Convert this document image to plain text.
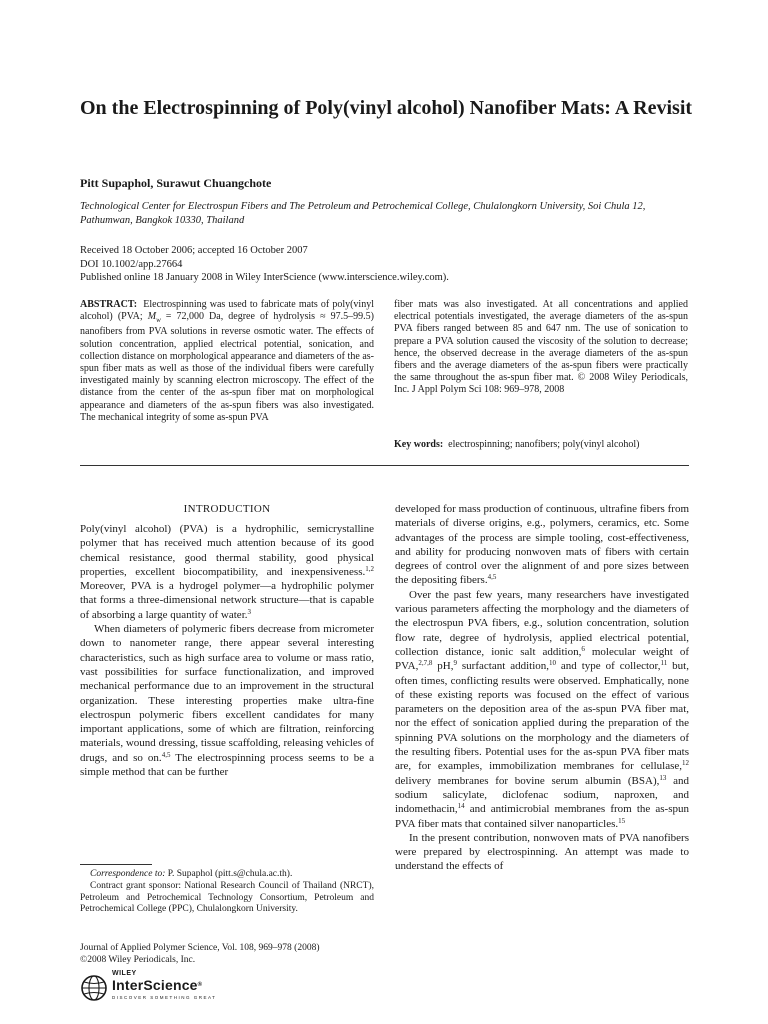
On the Electrospinning of Poly(vinyl alcohol) Nanofiber Mats: A Revisit
Pitt Supaphol, Surawut Chuangchote
Technological Center for Electrospun Fibers and The Petroleum and Petrochemical College, Chulalongkorn University, Soi Chula 12, Pathumwan, Bangkok 10330, Thailand
Received 18 October 2006; accepted 16 October 2007
DOI 10.1002/app.27664
Published online 18 January 2008 in Wiley InterScience (www.interscience.wiley.com).

ABSTRACT: Electrospinning was used to fabricate mats of poly(vinyl alcohol) (PVA; $M_w = 72,000$ Da, degree of hydrolysis ≈ 97.5–99.5) nanofibers from PVA solutions in reverse osmotic water. The effects of solution concentration, applied electrical potential, sonication, and collection distance on morphological appearance and diameters of the as-spun fiber mats as well as those of the individual fibers were carefully investigated mainly by scanning electron microscopy. The effect of the distance from the center of the as-spun fiber mat on morphological appearance and diameters of the as-spun fibers was also investigated. The mechanical integrity of some as-spun PVA

fiber mats was also investigated. At all concentrations and applied electrical potentials investigated, the average diameters of the as-spun PVA fibers ranged between 85 and 647 nm. The use of sonication to prepare a PVA solution caused the viscosity of the solution to decrease; hence, the observed decrease in the average diameters of the as-spun fibers and the average diameters of the as-spun fibers were practically the same throughout the as-spun fiber mat. © 2008 Wiley Periodicals, Inc. J Appl Polym Sci 108: 969–978, 2008

Key words: electrospinning; nanofibers; poly(vinyl alcohol)
INTRODUCTION

Poly(vinyl alcohol) (PVA) is a hydrophilic, semicrystalline polymer that has received much attention because of its good chemical resistance, good thermal stability, good physical properties, excellent biocompatibility, and inexpensiveness.$^{1,2}$ Moreover, PVA is a hydrogel polymer—a hydrophilic polymer that forms a three-dimensional network structure—that is capable of absorbing a large quantity of water.$^3$

When diameters of polymeric fibers decrease from micrometer down to nanometer range, there appear several interesting characteristics, such as high surface area to volume or mass ratio, vast possibilities for surface functionalization, and improved mechanical performance due to an improvement in the structural organization. These interesting properties make ultra-fine electrospun polymeric fibers excellent candidates for many important applications, some of which are filtration, reinforcing materials, wound dressing, tissue scaffolding, releasing vehicles of drugs, and so on.$^{4,5}$ The electrospinning process seems to be a simple method that can be further

developed for mass production of continuous, ultrafine fibers from materials of diverse origins, e.g., polymers, ceramics, etc. Some advantages of the process are simple tooling, cost-effectiveness, and ability for producing nonwoven mats of fibers with certain degrees of control over the alignment of and pore sizes between the depositing fibers.$^{4,5}$

Over the past few years, many researchers have investigated various parameters affecting the morphology and the diameters of the electrospun PVA fibers, e.g., solution concentration, solution flow rate, degree of hydrolysis, applied electrical potential, collection distance, ionic salt addition,$^6$ molecular weight of PVA,$^{2,7,8}$ pH,$^9$ surfactant addition,$^{10}$ and type of collector,$^{11}$ but, often times, conflicting results were observed. Emphatically, none of these existing reports was focused on the effect of various parameters on the deposition area of the as-spun PVA fiber mat, nor the effect of sonication applied during the preparation of the spinning PVA solutions on the morphology and the diameters of the resulting fibers. Potential uses for the as-spun PVA fiber mats are, for examples, immobilization membranes for cellulase,$^{12}$ delivery membranes for bovine serum albumin (BSA),$^{13}$ and sodium salicylate, diclofenac sodium, naproxen, and indomethacin,$^{14}$ and antimicrobial membranes from the as-spun PVA fiber mats that contained silver nanoparticles.$^{15}$

In the present contribution, nonwoven mats of PVA nanofibers were prepared by electrospinning. An attempt was made to understand the effects of

Correspondence to: P. Supaphol (pitt.s@chula.ac.th).
Contract grant sponsor: National Research Council of Thailand (NRCT), Petroleum and Petrochemical Technology Consortium, Petroleum and Petrochemical College (PPC), Chulalongkorn University.
Journal of Applied Polymer Science, Vol. 108, 969–978 (2008)
©2008 Wiley Periodicals, Inc.
WILEY
InterScience®
DISCOVER SOMETHING GREAT
